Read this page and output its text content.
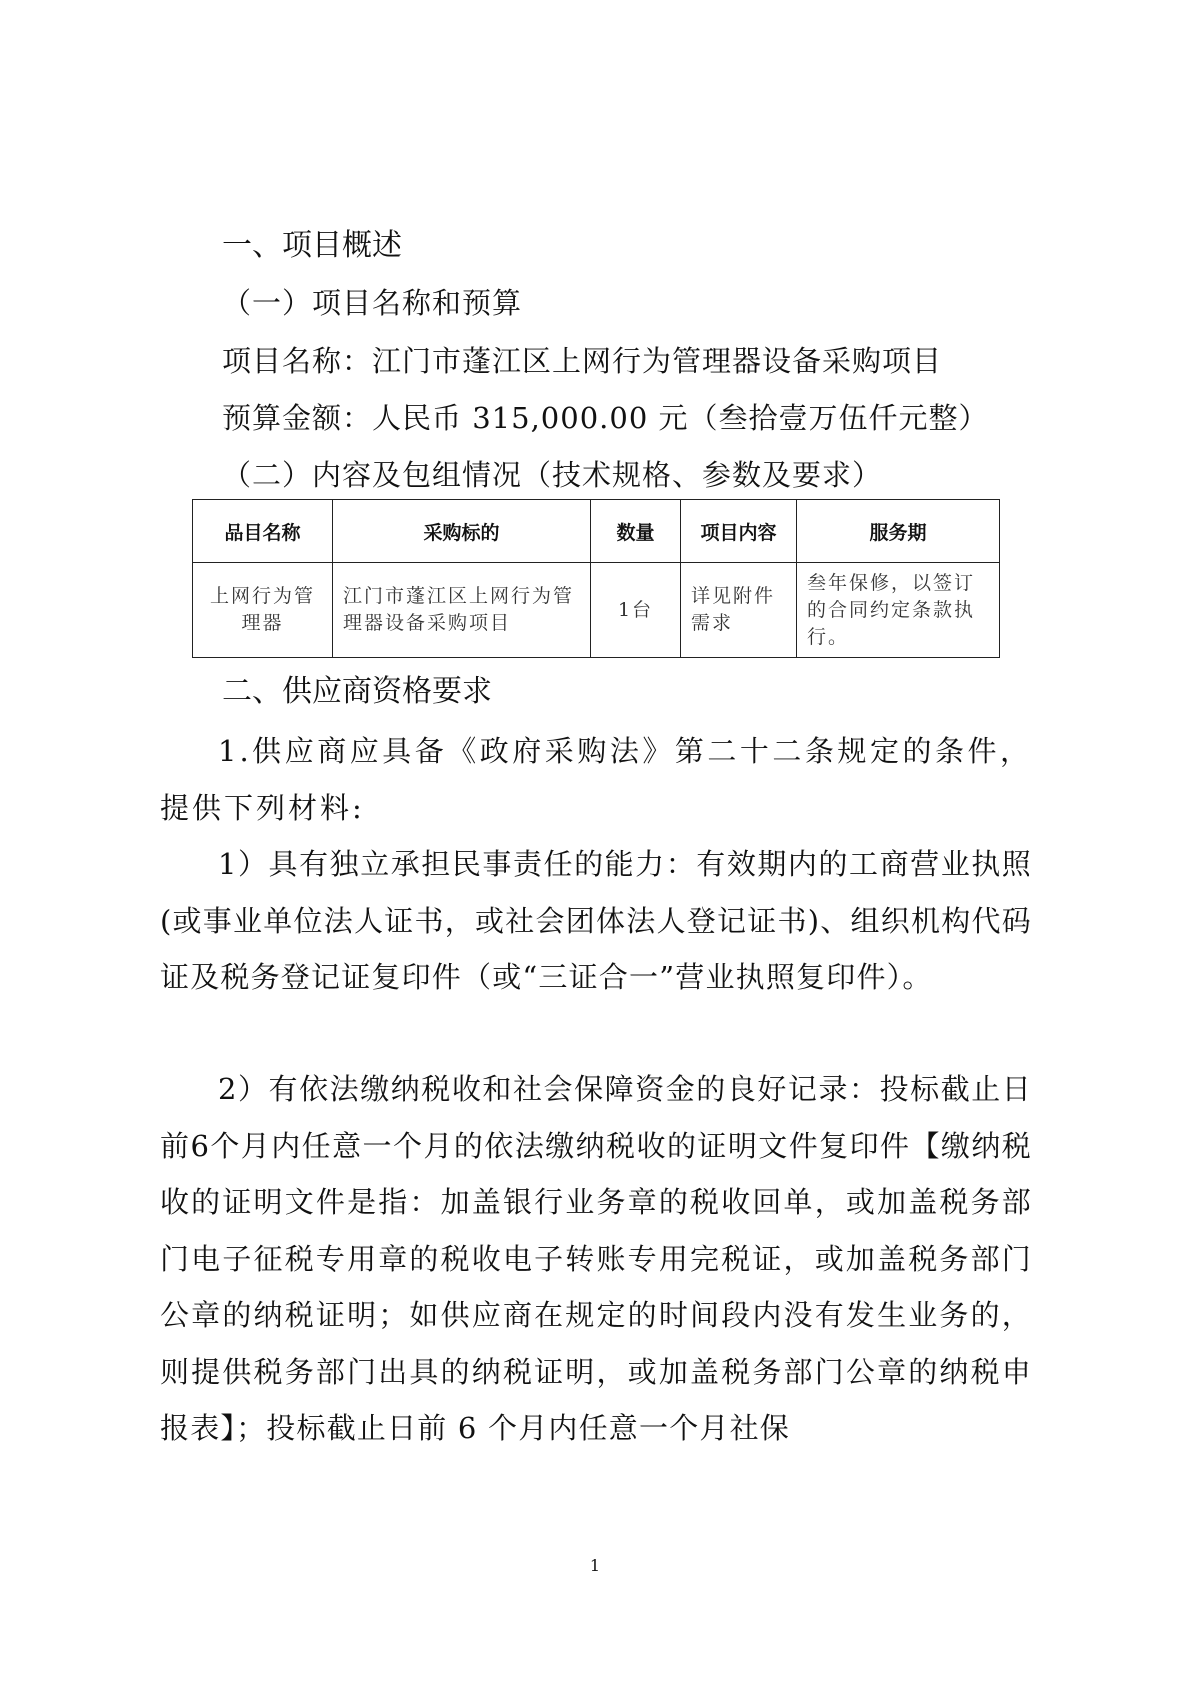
一、项目概述
（一）项目名称和预算
项目名称：江门市蓬江区上网行为管理器设备采购项目
预算金额：人民币 315,000.00 元（叁拾壹万伍仟元整）
（二）内容及包组情况（技术规格、参数及要求）
品目名称	采购标的	数量	项目内容	服务期
上网行为管理器	江门市蓬江区上网行为管理器设备采购项目	1台	详见附件需求	叁年保修，以签订的合同约定条款执行。
二、供应商资格要求

1.供应商应具备《政府采购法》第二十二条规定的条件，提供下列材料:

1）具有独立承担民事责任的能力：有效期内的工商营业执照(或事业单位法人证书，或社会团体法人登记证书)、组织机构代码证及税务登记证复印件（或“三证合一”营业执照复印件）。

2）有依法缴纳税收和社会保障资金的良好记录：投标截止日前6个月内任意一个月的依法缴纳税收的证明文件复印件【缴纳税收的证明文件是指：加盖银行业务章的税收回单，或加盖税务部门电子征税专用章的税收电子转账专用完税证，或加盖税务部门公章的纳税证明；如供应商在规定的时间段内没有发生业务的，则提供税务部门出具的纳税证明，或加盖税务部门公章的纳税申报表】；投标截止日前 6 个月内任意一个月社保

1
